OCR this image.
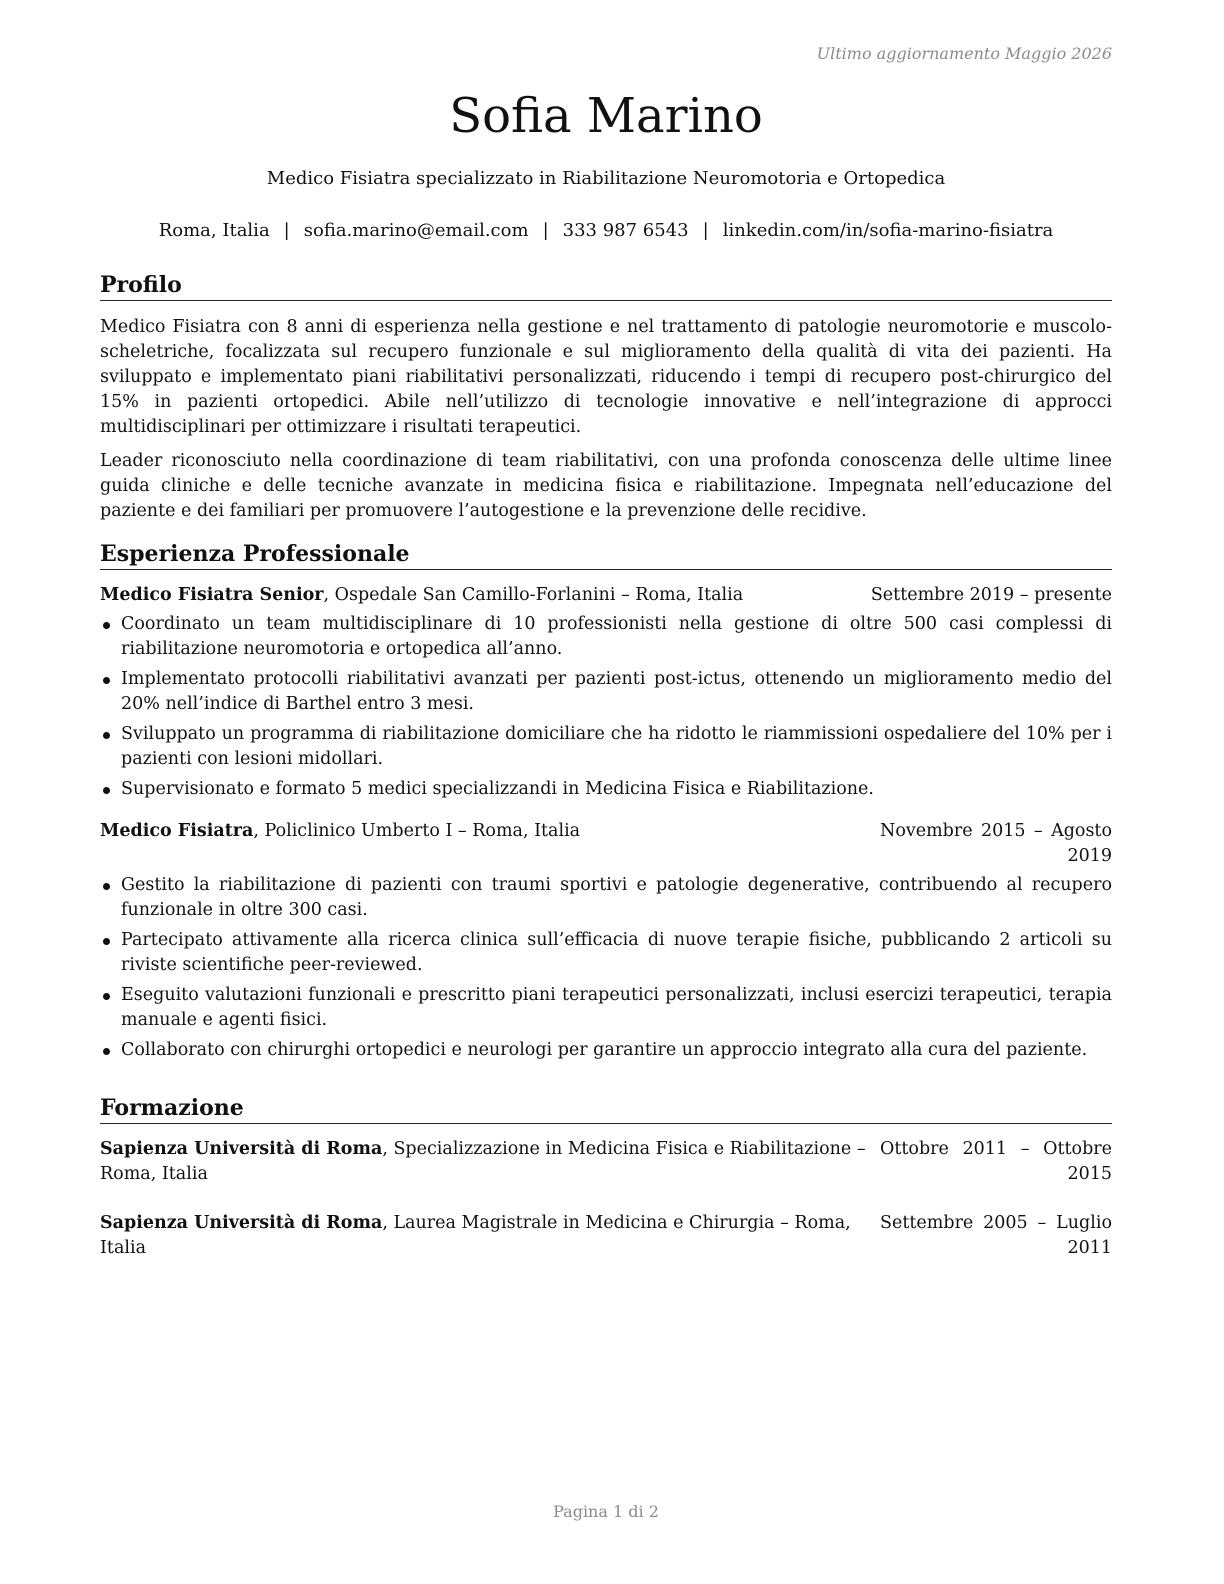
Ultimo aggiornamento Maggio 2026
Sofia Marino
Medico Fisiatra specializzato in Riabilitazione Neuromotoria e Ortopedica
Roma, Italia | sofia.marino@email.com | 333 987 6543 | linkedin.com/in/sofia-marino-fisiatra
Profilo

Medico Fisiatra con 8 anni di esperienza nella gestione e nel trattamento di patologie neuromotorie e muscolo-scheletriche, focalizzata sul recupero funzionale e sul miglioramento della qualità di vita dei pazienti. Ha sviluppato e implementato piani riabilitativi personalizzati, riducendo i tempi di recupero post-chirurgico del 15% in pazienti ortopedici. Abile nell’utilizzo di tecnologie innovative e nell’integrazione di approcci multidisciplinari per ottimizzare i risultati terapeutici.

Leader riconosciuto nella coordinazione di team riabilitativi, con una profonda conoscenza delle ultime linee guida cliniche e delle tecniche avanzate in medicina fisica e riabilitazione. Impegnata nell’educazione del paziente e dei familiari per promuovere l’autogestione e la prevenzione delle recidive.

Esperienza Professionale
Medico Fisiatra Senior, Ospedale San Camillo-Forlanini – Roma, Italia	Settembre 2019 – presente
Coordinato un team multidisciplinare di 10 professionisti nella gestione di oltre 500 casi complessi di riabilitazione neuromotoria e ortopedica all’anno.
Implementato protocolli riabilitativi avanzati per pazienti post-ictus, ottenendo un miglioramento medio del 20% nell’indice di Barthel entro 3 mesi.
Sviluppato un programma di riabilitazione domiciliare che ha ridotto le riammissioni ospedaliere del 10% per i pazienti con lesioni midollari.
Supervisionato e formato 5 medici specializzandi in Medicina Fisica e Riabilitazione.
Medico Fisiatra, Policlinico Umberto I – Roma, Italia	Novembre 2015 – Agosto 2019
Gestito la riabilitazione di pazienti con traumi sportivi e patologie degenerative, contribuendo al recupero funzionale in oltre 300 casi.
Partecipato attivamente alla ricerca clinica sull’efficacia di nuove terapie fisiche, pubblicando 2 articoli su riviste scientifiche peer-reviewed.
Eseguito valutazioni funzionali e prescritto piani terapeutici personalizzati, inclusi esercizi terapeutici, terapia manuale e agenti fisici.
Collaborato con chirurghi ortopedici e neurologi per garantire un approccio integrato alla cura del paziente.
Formazione
Sapienza Università di Roma, Specializzazione in Medicina Fisica e Riabilitazione – Roma, Italia
Ottobre 2011 – Ottobre 2015
Sapienza Università di Roma, Laurea Magistrale in Medicina e Chirurgia – Roma, Italia
Settembre 2005 – Luglio 2011
Pagina 1 di 2
